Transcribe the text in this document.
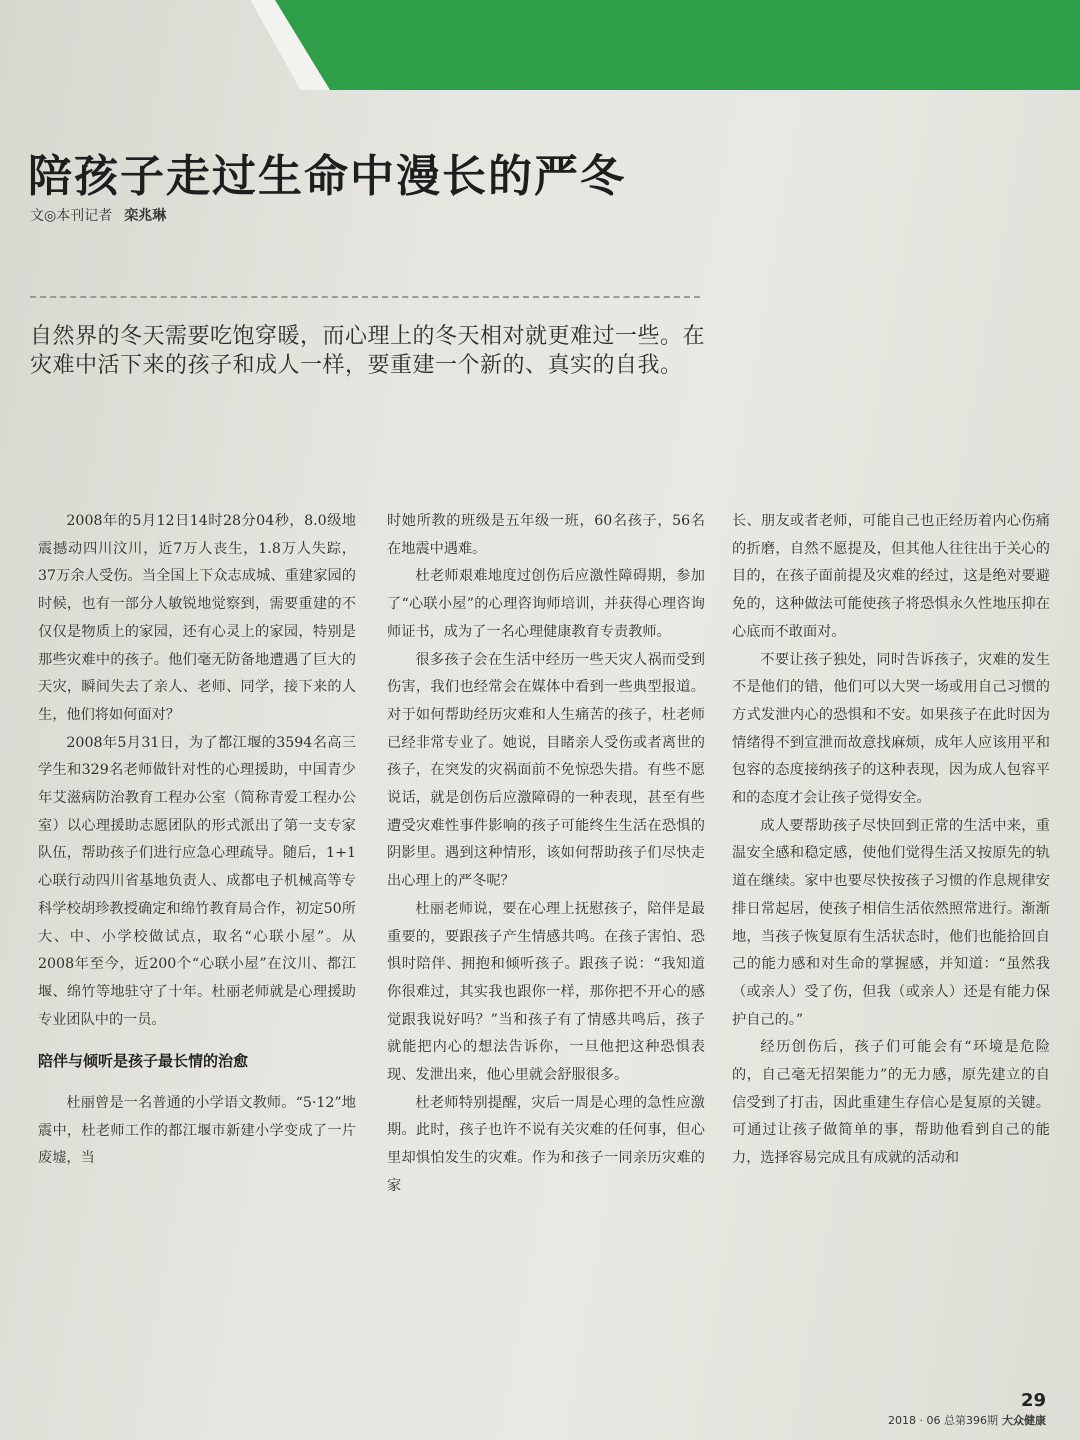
陪孩子走过生命中漫长的严冬
文◎本刊记者 栾兆琳
自然界的冬天需要吃饱穿暖，而心理上的冬天相对就更难过一些。在灾难中活下来的孩子和成人一样，要重建一个新的、真实的自我。

2008年的5月12日14时28分04秒，8.0级地震撼动四川汶川，近7万人丧生，1.8万人失踪，37万余人受伤。当全国上下众志成城、重建家园的时候，也有一部分人敏锐地觉察到，需要重建的不仅仅是物质上的家园，还有心灵上的家园，特别是那些灾难中的孩子。他们毫无防备地遭遇了巨大的天灾，瞬间失去了亲人、老师、同学，接下来的人生，他们将如何面对？

2008年5月31日，为了都江堰的3594名高三学生和329名老师做针对性的心理援助，中国青少年艾滋病防治教育工程办公室（简称青爱工程办公室）以心理援助志愿团队的形式派出了第一支专家队伍，帮助孩子们进行应急心理疏导。随后，1+1心联行动四川省基地负责人、成都电子机械高等专科学校胡珍教授确定和绵竹教育局合作，初定50所大、中、小学校做试点，取名“心联小屋”。从2008年至今，近200个“心联小屋”在汶川、都江堰、绵竹等地驻守了十年。杜丽老师就是心理援助专业团队中的一员。

陪伴与倾听是孩子最长情的治愈

杜丽曾是一名普通的小学语文教师。“5·12”地震中，杜老师工作的都江堰市新建小学变成了一片废墟，当

时她所教的班级是五年级一班，60名孩子，56名在地震中遇难。

杜老师艰难地度过创伤后应激性障碍期，参加了“心联小屋”的心理咨询师培训，并获得心理咨询师证书，成为了一名心理健康教育专责教师。

很多孩子会在生活中经历一些天灾人祸而受到伤害，我们也经常会在媒体中看到一些典型报道。对于如何帮助经历灾难和人生痛苦的孩子，杜老师已经非常专业了。她说，目睹亲人受伤或者离世的孩子，在突发的灾祸面前不免惊恐失措。有些不愿说话，就是创伤后应激障碍的一种表现，甚至有些遭受灾难性事件影响的孩子可能终生生活在恐惧的阴影里。遇到这种情形，该如何帮助孩子们尽快走出心理上的严冬呢？

杜丽老师说，要在心理上抚慰孩子，陪伴是最重要的，要跟孩子产生情感共鸣。在孩子害怕、恐惧时陪伴、拥抱和倾听孩子。跟孩子说：“我知道你很难过，其实我也跟你一样，那你把不开心的感觉跟我说好吗？”当和孩子有了情感共鸣后，孩子就能把内心的想法告诉你，一旦他把这种恐惧表现、发泄出来，他心里就会舒服很多。

杜老师特别提醒，灾后一周是心理的急性应激期。此时，孩子也许不说有关灾难的任何事，但心里却惧怕发生的灾难。作为和孩子一同亲历灾难的家

长、朋友或者老师，可能自己也正经历着内心伤痛的折磨，自然不愿提及，但其他人往往出于关心的目的，在孩子面前提及灾难的经过，这是绝对要避免的，这种做法可能使孩子将恐惧永久性地压抑在心底而不敢面对。

不要让孩子独处，同时告诉孩子，灾难的发生不是他们的错，他们可以大哭一场或用自己习惯的方式发泄内心的恐惧和不安。如果孩子在此时因为情绪得不到宣泄而故意找麻烦，成年人应该用平和包容的态度接纳孩子的这种表现，因为成人包容平和的态度才会让孩子觉得安全。

成人要帮助孩子尽快回到正常的生活中来，重温安全感和稳定感，使他们觉得生活又按原先的轨道在继续。家中也要尽快按孩子习惯的作息规律安排日常起居，使孩子相信生活依然照常进行。渐渐地，当孩子恢复原有生活状态时，他们也能拾回自己的能力感和对生命的掌握感，并知道：“虽然我（或亲人）受了伤，但我（或亲人）还是有能力保护自己的。”

经历创伤后，孩子们可能会有“环境是危险的，自己毫无招架能力”的无力感，原先建立的自信受到了打击，因此重建生存信心是复原的关键。可通过让孩子做简单的事，帮助他看到自己的能力，选择容易完成且有成就的活动和

29
2018 · 06 总第396期 大众健康
